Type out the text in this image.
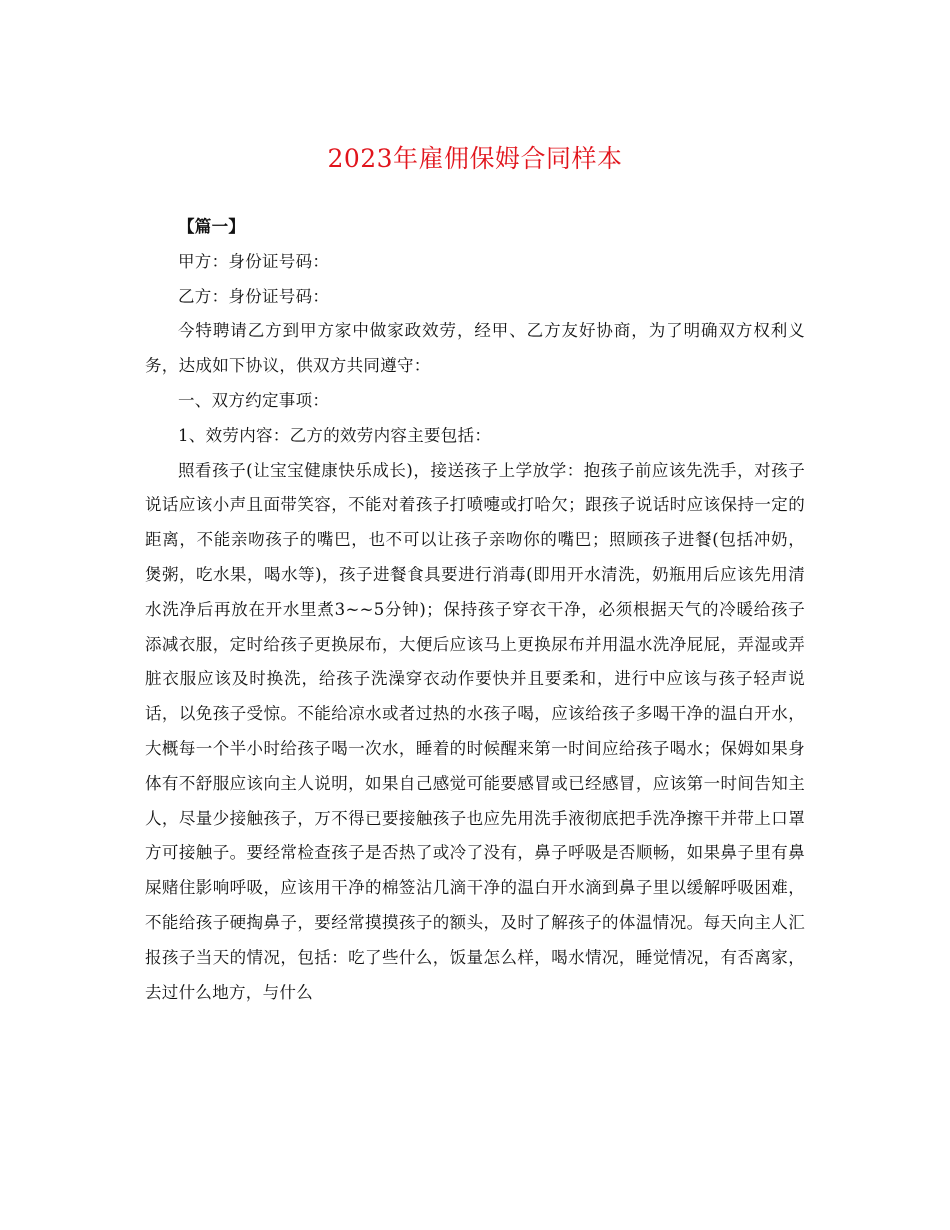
2023年雇佣保姆合同样本

【篇一】

甲方：身份证号码：

乙方：身份证号码：

今特聘请乙方到甲方家中做家政效劳，经甲、乙方友好协商，为了明确双方权利义务，达成如下协议，供双方共同遵守：

一、双方约定事项：

1、效劳内容：乙方的效劳内容主要包括：

照看孩子(让宝宝健康快乐成长)，接送孩子上学放学：抱孩子前应该先洗手，对孩子说话应该小声且面带笑容，不能对着孩子打喷嚏或打哈欠；跟孩子说话时应该保持一定的距离，不能亲吻孩子的嘴巴，也不可以让孩子亲吻你的嘴巴；照顾孩子进餐(包括冲奶，煲粥，吃水果，喝水等)，孩子进餐食具要进行消毒(即用开水清洗，奶瓶用后应该先用清水洗净后再放在开水里煮3~~5分钟)；保持孩子穿衣干净，必须根据天气的冷暖给孩子添减衣服，定时给孩子更换尿布，大便后应该马上更换尿布并用温水洗净屁屁，弄湿或弄脏衣服应该及时换洗，给孩子洗澡穿衣动作要快并且要柔和，进行中应该与孩子轻声说话，以免孩子受惊。不能给凉水或者过热的水孩子喝，应该给孩子多喝干净的温白开水，大概每一个半小时给孩子喝一次水，睡着的时候醒来第一时间应给孩子喝水；保姆如果身体有不舒服应该向主人说明，如果自己感觉可能要感冒或已经感冒，应该第一时间告知主人，尽量少接触孩子，万不得已要接触孩子也应先用洗手液彻底把手洗净擦干并带上口罩方可接触子。要经常检查孩子是否热了或冷了没有，鼻子呼吸是否顺畅，如果鼻子里有鼻屎赌住影响呼吸，应该用干净的棉签沾几滴干净的温白开水滴到鼻子里以缓解呼吸困难，不能给孩子硬掏鼻子，要经常摸摸孩子的额头，及时了解孩子的体温情况。每天向主人汇报孩子当天的情况，包括：吃了些什么，饭量怎么样，喝水情况，睡觉情况，有否离家，去过什么地方，与什么
